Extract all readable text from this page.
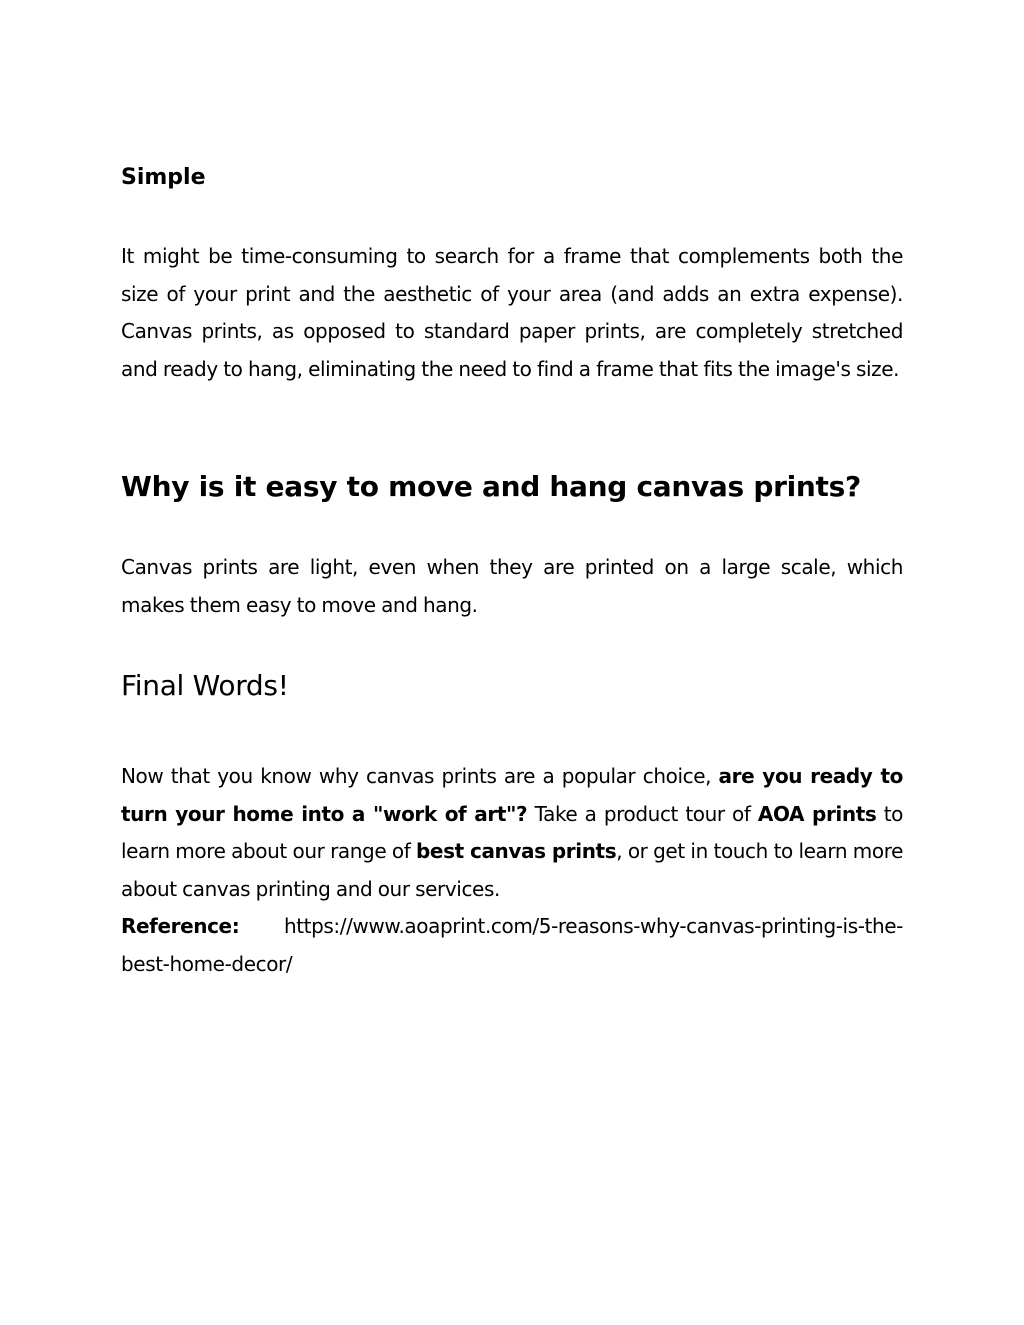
Simple

It might be time-consuming to search for a frame that complements both the size of your print and the aesthetic of your area (and adds an extra expense). Canvas prints, as opposed to standard paper prints, are completely stretched and ready to hang, eliminating the need to find a frame that fits the image's size.

Why is it easy to move and hang canvas prints?

Canvas prints are light, even when they are printed on a large scale, which makes them easy to move and hang.

Final Words!

Now that you know why canvas prints are a popular choice, are you ready to turn your home into a "work of art"? Take a product tour of AOA prints to learn more about our range of best canvas prints, or get in touch to learn more about canvas printing and our services.

Reference: https://www.aoaprint.com/5-reasons-why-canvas-printing-is-the-best-home-decor/
